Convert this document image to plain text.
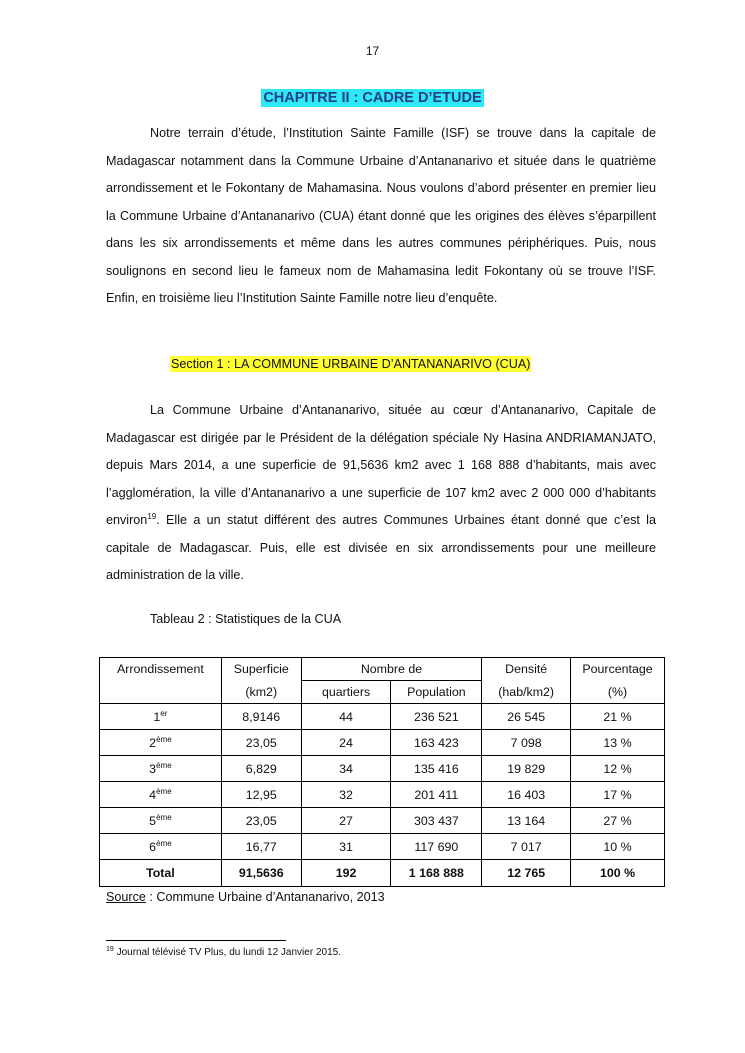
17
CHAPITRE II : CADRE D’ETUDE

Notre terrain d’étude, l’Institution Sainte Famille (ISF) se trouve dans la capitale de Madagascar notamment dans la Commune Urbaine d’Antananarivo et située dans le quatrième arrondissement et le Fokontany de Mahamasina. Nous voulons d’abord présenter en premier lieu la Commune Urbaine d’Antananarivo (CUA) étant donné que les origines des élèves s’éparpillent dans les six arrondissements et même dans les autres communes périphériques. Puis, nous soulignons en second lieu le fameux nom de Mahamasina ledit Fokontany où se trouve l’ISF. Enfin, en troisième lieu l’Institution Sainte Famille notre lieu d’enquête.

Section 1 : LA COMMUNE URBAINE D’ANTANANARIVO (CUA)

La Commune Urbaine d’Antananarivo, située au cœur d’Antananarivo, Capitale de Madagascar est dirigée par le Président de la délégation spéciale Ny Hasina ANDRIAMANJATO, depuis Mars 2014, a une superficie de 91,5636 km2 avec 1 168 888 d’habitants, mais avec l’agglomération, la ville d’Antananarivo a une superficie de 107 km2 avec 2 000 000 d’habitants environ$^{19}$. Elle a un statut différent des autres Communes Urbaines étant donné que c’est la capitale de Madagascar. Puis, elle est divisée en six arrondissements pour une meilleure administration de la ville.

Tableau 2 : Statistiques de la CUA
Arrondissement	Superficie	Nombre de		Densité	Pourcentage
	(km2)	quartiers	Population	(hab/km2)	(%)
1er	8,9146	44	236 521	26 545	21 %
2ème	23,05	24	163 423	7 098	13 %
3ème	6,829	34	135 416	19 829	12 %
4ème	12,95	32	201 411	16 403	17 %
5ème	23,05	27	303 437	13 164	27 %
6ème	16,77	31	117 690	7 017	10 %
Total	91,5636	192	1 168 888	12 765	100 %
Source : Commune Urbaine d’Antananarivo, 2013
$^{19}$ Journal télévisé TV Plus, du lundi 12 Janvier 2015.
